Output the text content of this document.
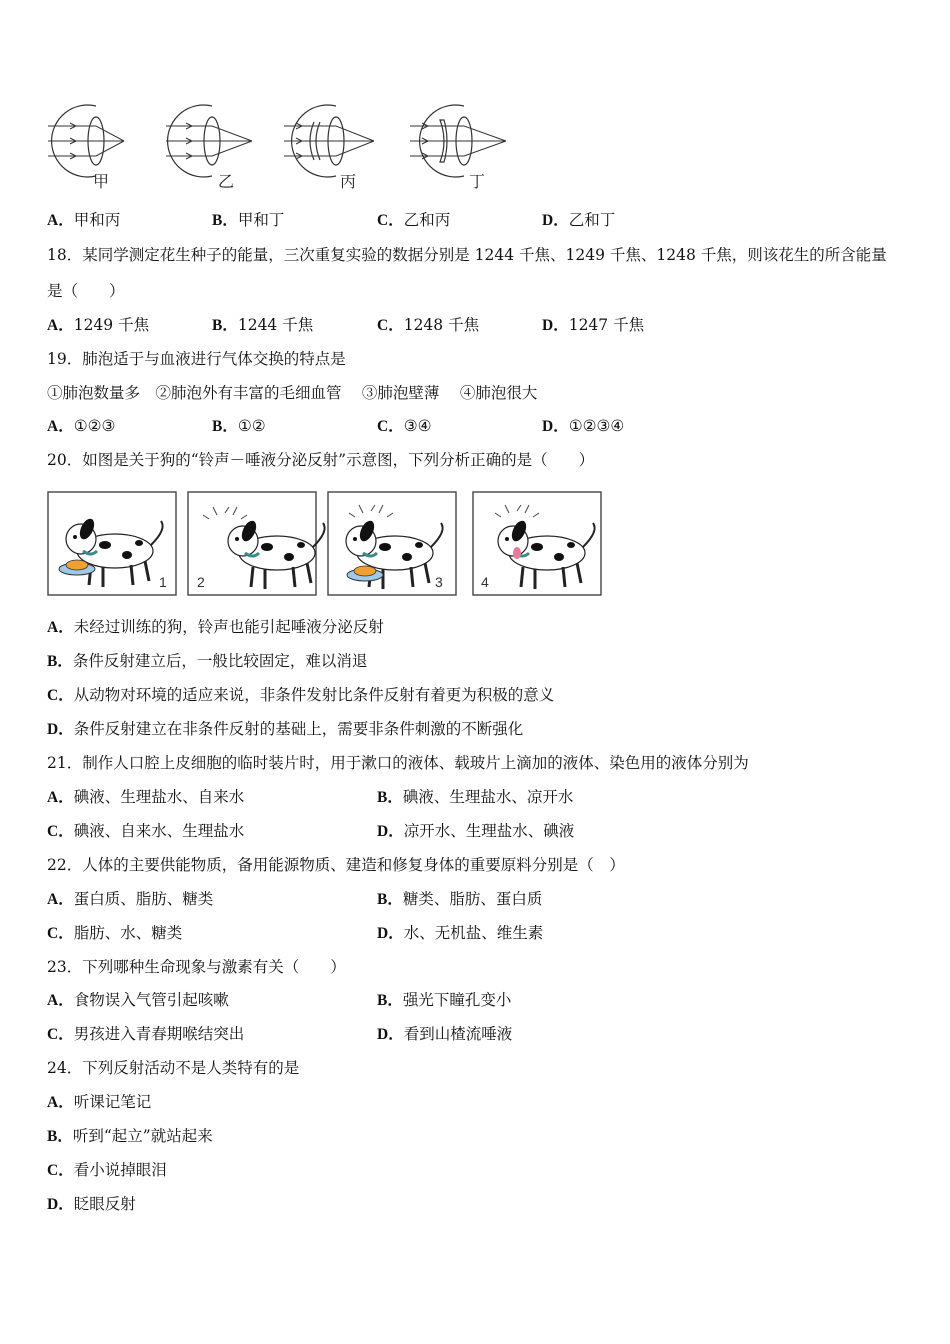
甲	乙	丙	丁
A．甲和丙	B．甲和丁	C．乙和丙	D．乙和丁
18．某同学测定花生种子的能量，三次重复实验的数据分别是 1244 千焦、1249 千焦、1248 千焦，则该花生的所含能量
是（　　）
A．1249 千焦	B．1244 千焦	C．1248 千焦	D．1247 千焦
19．肺泡适于与血液进行气体交换的特点是
①肺泡数量多　②肺泡外有丰富的毛细血管　 ③肺泡壁薄　 ④肺泡很大
A．①②③	B．①②	C．③④	D．①②③④
20．如图是关于狗的“铃声－唾液分泌反射”示意图，下列分析正确的是（　　）
1 2	3	4
A．未经过训练的狗，铃声也能引起唾液分泌反射
B．条件反射建立后，一般比较固定，难以消退
C．从动物对环境的适应来说，非条件发射比条件反射有着更为积极的意义
D．条件反射建立在非条件反射的基础上，需要非条件刺激的不断强化
21．制作人口腔上皮细胞的临时装片时，用于漱口的液体、载玻片上滴加的液体、染色用的液体分别为
A．碘液、生理盐水、自来水	B．碘液、生理盐水、凉开水
C．碘液、自来水、生理盐水	D．凉开水、生理盐水、碘液
22．人体的主要供能物质，备用能源物质、建造和修复身体的重要原料分别是（　）
A．蛋白质、脂肪、糖类	B．糖类、脂肪、蛋白质
C．脂肪、水、糖类	D．水、无机盐、维生素
23．下列哪种生命现象与激素有关（　　）
A．食物误入气管引起咳嗽	B．强光下瞳孔变小
C．男孩进入青春期喉结突出	D．看到山楂流唾液
24．下列反射活动不是人类特有的是
A．听课记笔记
B．听到“起立”就站起来
C．看小说掉眼泪
D．眨眼反射
